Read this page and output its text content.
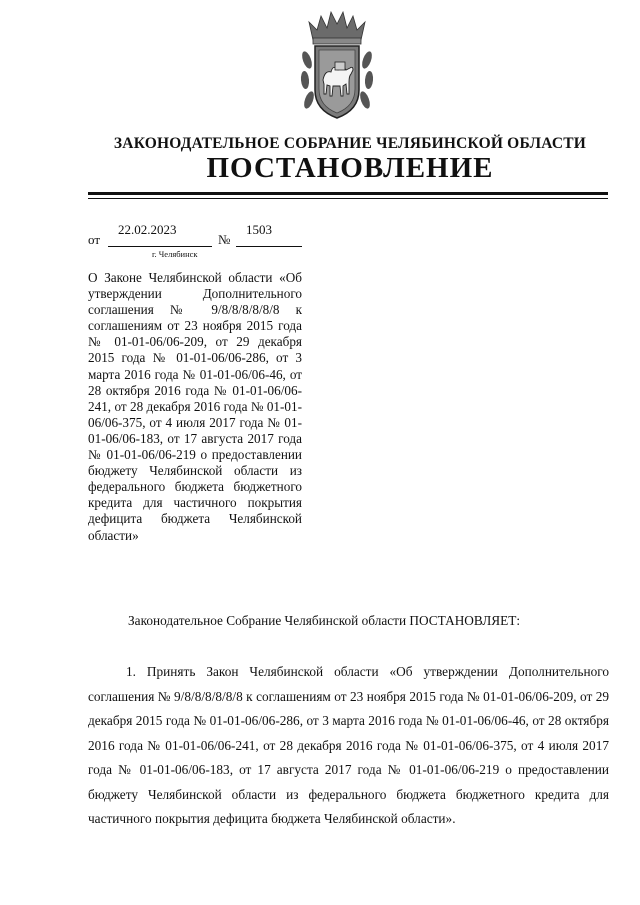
ЗАКОНОДАТЕЛЬНОЕ СОБРАНИЕ ЧЕЛЯБИНСКОЙ ОБЛАСТИ
ПОСТАНОВЛЕНИЕ
от
22.02.2023
№
1503
г. Челябинск
О Законе Челябинской области «Об утверждении Дополнительного соглашения № 9/8/8/8/8/8/8 к соглашениям от 23 ноября 2015 года № 01-01-06/06-209, от 29 декабря 2015 года № 01-01-06/06-286, от 3 марта 2016 года № 01-01-06/06-46, от 28 октября 2016 года № 01-01-06/06-241, от 28 декабря 2016 года № 01-01-06/06-375, от 4 июля 2017 года № 01-01-06/06-183, от 17 августа 2017 года № 01-01-06/06-219 о предоставлении бюджету Челябинской области из федерального бюджета бюджетного кредита для частичного покрытия дефицита бюджета Челябинской области»
Законодательное Собрание Челябинской области ПОСТАНОВЛЯЕТ:
1. Принять Закон Челябинской области «Об утверждении Дополнительного соглашения № 9/8/8/8/8/8/8 к соглашениям от 23 ноября 2015 года № 01-01-06/06-209, от 29 декабря 2015 года № 01-01-06/06-286, от 3 марта 2016 года № 01-01-06/06-46, от 28 октября 2016 года № 01-01-06/06-241, от 28 декабря 2016 года № 01-01-06/06-375, от 4 июля 2017 года № 01-01-06/06-183, от 17 августа 2017 года № 01-01-06/06-219 о предоставлении бюджету Челябинской области из федерального бюджета бюджетного кредита для частичного покрытия дефицита бюджета Челябинской области».
